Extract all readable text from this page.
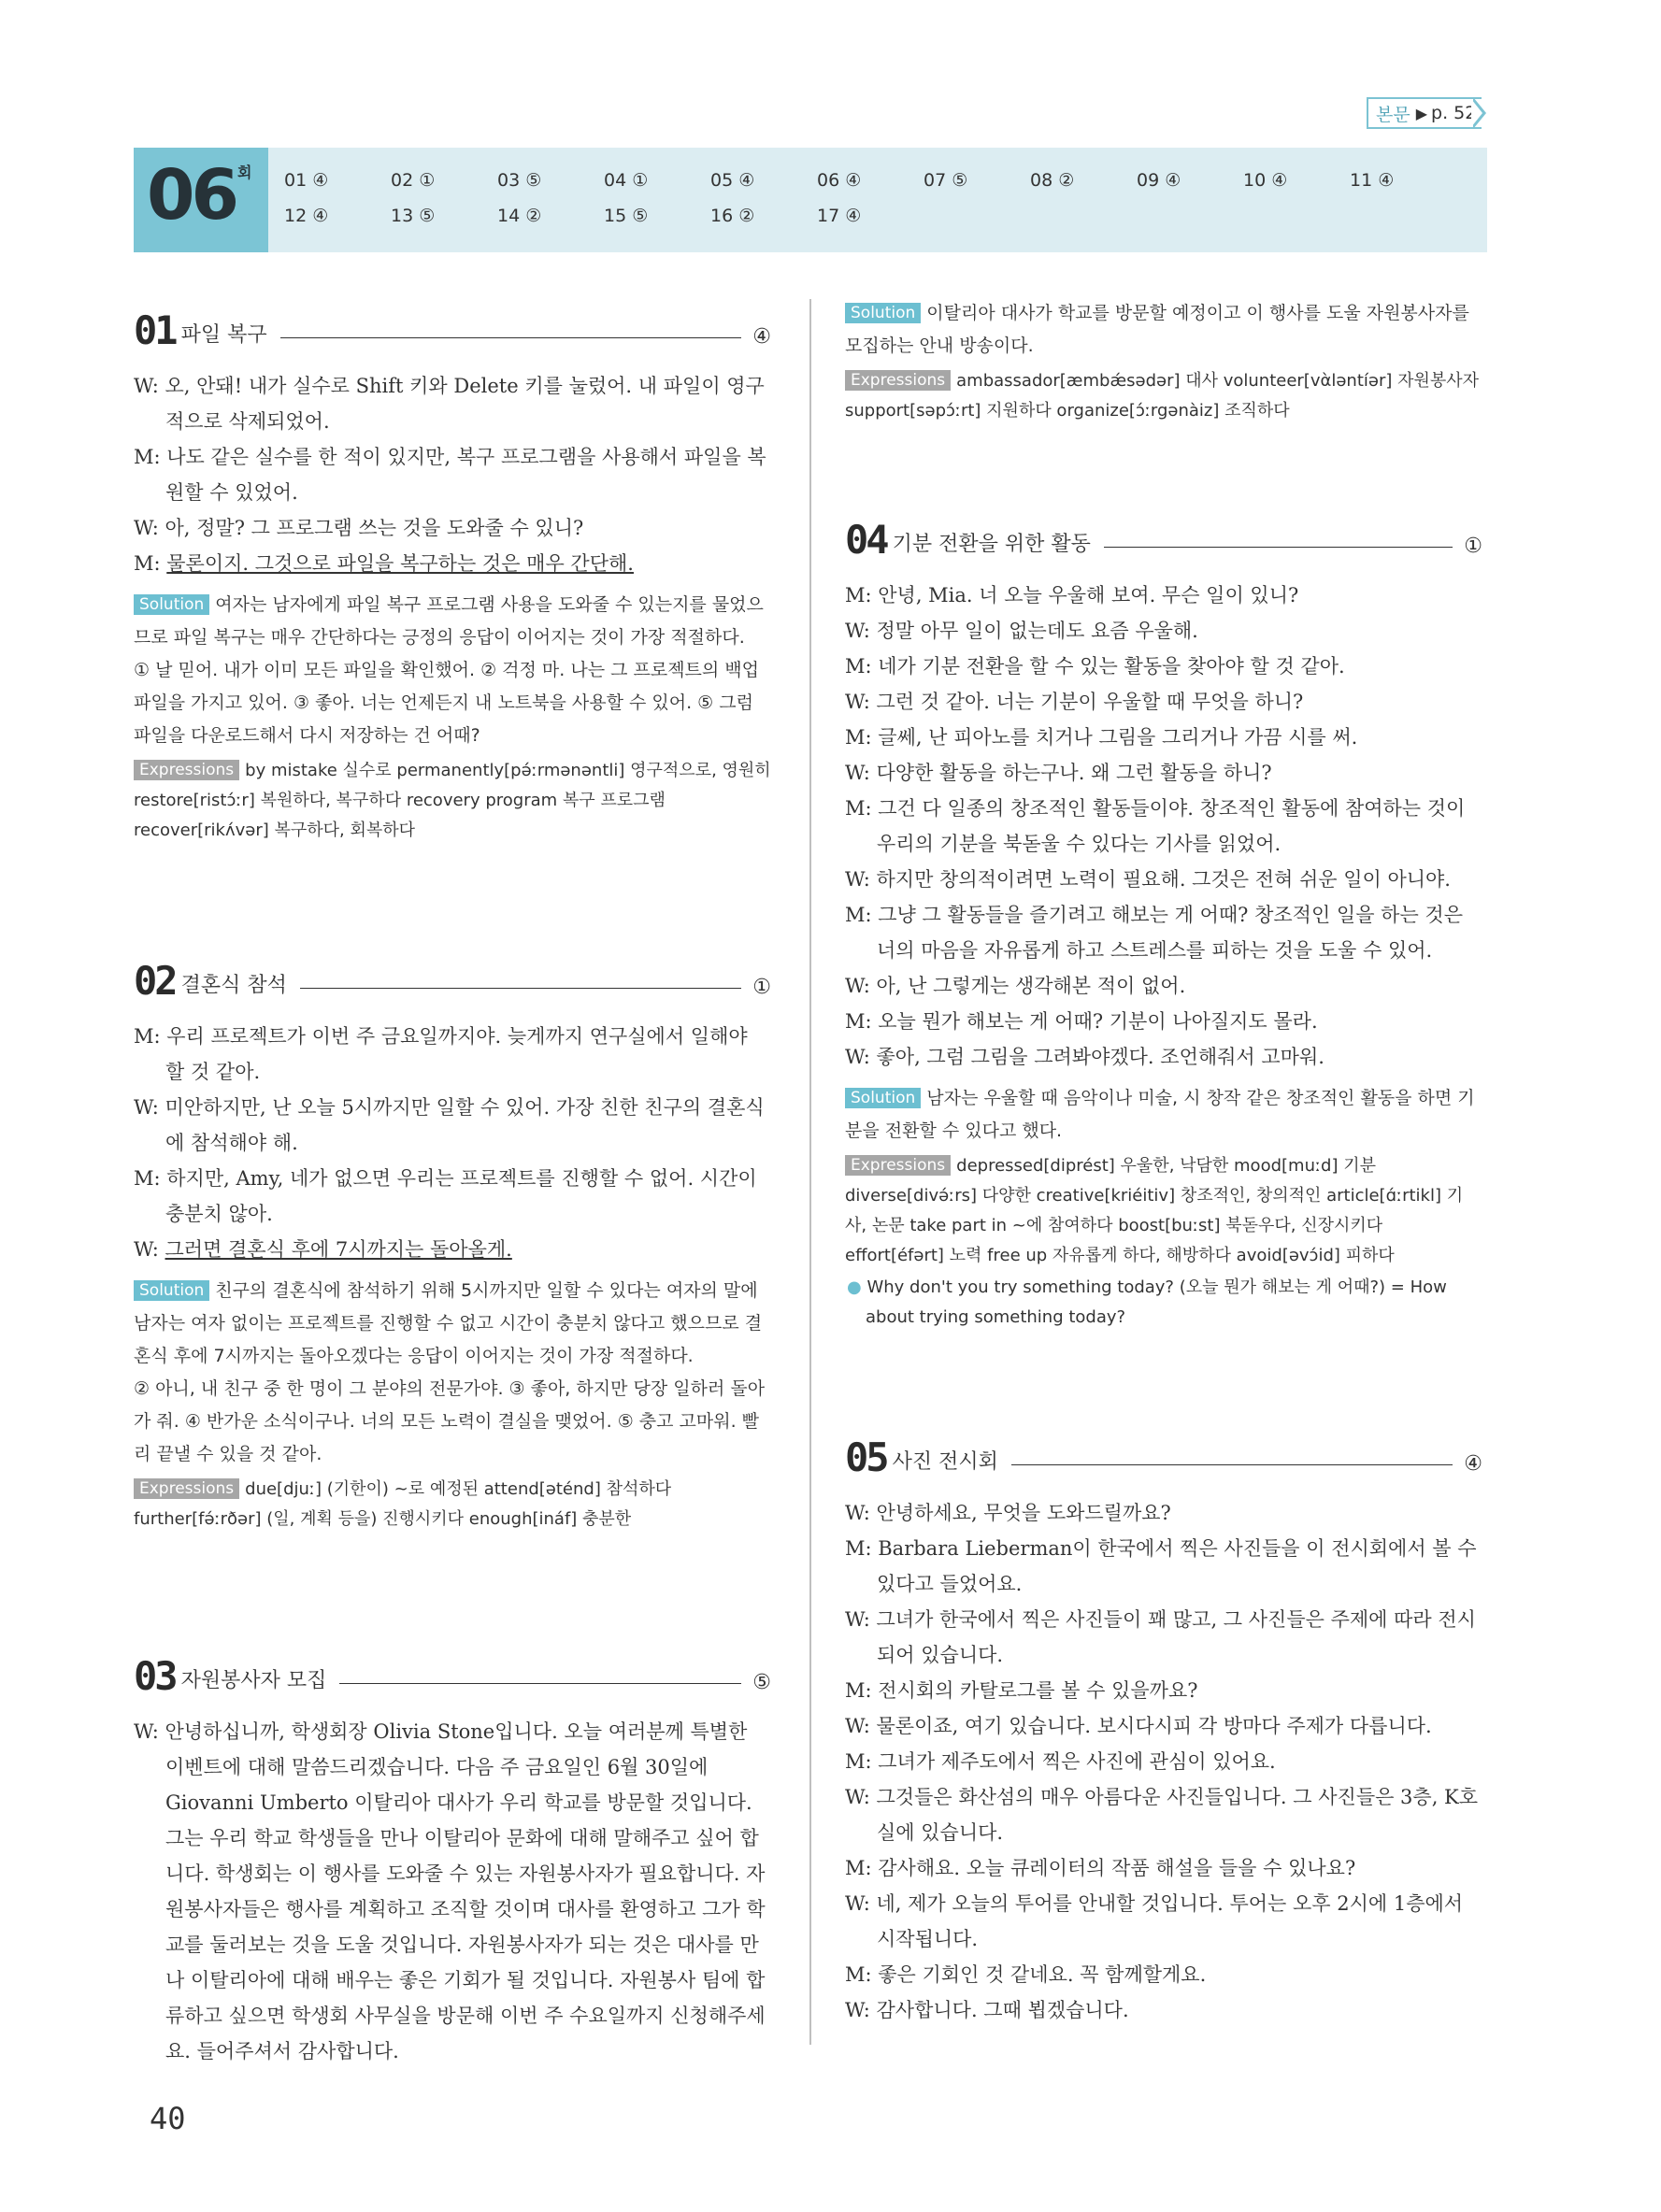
본문 ▶ p. 52
06 회 01 ④	02 ①	03 ⑤	04 ①	05 ④	06 ④	07 ⑤	08 ②	09 ④	10 ④	11 ④
12 ④	13 ⑤	14 ②	15 ⑤	16 ②	17 ④
01 파일 복구	④

W: 오, 안돼! 내가 실수로 Shift 키와 Delete 키를 눌렀어. 내 파일이 영구적으로 삭제되었어.

M: 나도 같은 실수를 한 적이 있지만, 복구 프로그램을 사용해서 파일을 복원할 수 있었어.

W: 아, 정말? 그 프로그램 쓰는 것을 도와줄 수 있니?

M: 물론이지. 그것으로 파일을 복구하는 것은 매우 간단해.

Solution 여자는 남자에게 파일 복구 프로그램 사용을 도와줄 수 있는지를 물었으므로 파일 복구는 매우 간단하다는 긍정의 응답이 이어지는 것이 가장 적절하다.
① 날 믿어. 내가 이미 모든 파일을 확인했어. ② 걱정 마. 나는 그 프로젝트의 백업 파일을 가지고 있어. ③ 좋아. 너는 언제든지 내 노트북을 사용할 수 있어. ⑤ 그럼 파일을 다운로드해서 다시 저장하는 건 어때?
Expressions by mistake 실수로 permanently[pə́ːrmənəntli] 영구적으로, 영원히 restore[ristɔ́ːr] 복원하다, 복구하다 recovery program 복구 프로그램 recover[rikʌ́vər] 복구하다, 회복하다
02 결혼식 참석	①

M: 우리 프로젝트가 이번 주 금요일까지야. 늦게까지 연구실에서 일해야 할 것 같아.

W: 미안하지만, 난 오늘 5시까지만 일할 수 있어. 가장 친한 친구의 결혼식에 참석해야 해.

M: 하지만, Amy, 네가 없으면 우리는 프로젝트를 진행할 수 없어. 시간이 충분치 않아.

W: 그러면 결혼식 후에 7시까지는 돌아올게.

Solution 친구의 결혼식에 참석하기 위해 5시까지만 일할 수 있다는 여자의 말에 남자는 여자 없이는 프로젝트를 진행할 수 없고 시간이 충분치 않다고 했으므로 결혼식 후에 7시까지는 돌아오겠다는 응답이 이어지는 것이 가장 적절하다.
② 아니, 내 친구 중 한 명이 그 분야의 전문가야. ③ 좋아, 하지만 당장 일하러 돌아가 줘. ④ 반가운 소식이구나. 너의 모든 노력이 결실을 맺었어. ⑤ 충고 고마워. 빨리 끝낼 수 있을 것 같아.
Expressions due[djuː] (기한이) ~로 예정된 attend[əténd] 참석하다 further[fə́ːrðər] (일, 계획 등을) 진행시키다 enough[ináf] 충분한
03 자원봉사자 모집	⑤

W: 안녕하십니까, 학생회장 Olivia Stone입니다. 오늘 여러분께 특별한 이벤트에 대해 말씀드리겠습니다. 다음 주 금요일인 6월 30일에 Giovanni Umberto 이탈리아 대사가 우리 학교를 방문할 것입니다. 그는 우리 학교 학생들을 만나 이탈리아 문화에 대해 말해주고 싶어 합니다. 학생회는 이 행사를 도와줄 수 있는 자원봉사자가 필요합니다. 자원봉사자들은 행사를 계획하고 조직할 것이며 대사를 환영하고 그가 학교를 둘러보는 것을 도울 것입니다. 자원봉사자가 되는 것은 대사를 만나 이탈리아에 대해 배우는 좋은 기회가 될 것입니다. 자원봉사 팀에 합류하고 싶으면 학생회 사무실을 방문해 이번 주 수요일까지 신청해주세요. 들어주셔서 감사합니다.

Solution 이탈리아 대사가 학교를 방문할 예정이고 이 행사를 도울 자원봉사자를 모집하는 안내 방송이다.
Expressions ambassador[æmbǽsədər] 대사 volunteer[vὰləntíər] 자원봉사자 support[səpɔ́ːrt] 지원하다 organize[ɔ́ːrgənàiz] 조직하다
04 기분 전환을 위한 활동	①

M: 안녕, Mia. 너 오늘 우울해 보여. 무슨 일이 있니?

W: 정말 아무 일이 없는데도 요즘 우울해.

M: 네가 기분 전환을 할 수 있는 활동을 찾아야 할 것 같아.

W: 그런 것 같아. 너는 기분이 우울할 때 무엇을 하니?

M: 글쎄, 난 피아노를 치거나 그림을 그리거나 가끔 시를 써.

W: 다양한 활동을 하는구나. 왜 그런 활동을 하니?

M: 그건 다 일종의 창조적인 활동들이야. 창조적인 활동에 참여하는 것이 우리의 기분을 북돋울 수 있다는 기사를 읽었어.

W: 하지만 창의적이려면 노력이 필요해. 그것은 전혀 쉬운 일이 아니야.

M: 그냥 그 활동들을 즐기려고 해보는 게 어때? 창조적인 일을 하는 것은 너의 마음을 자유롭게 하고 스트레스를 피하는 것을 도울 수 있어.

W: 아, 난 그렇게는 생각해본 적이 없어.

M: 오늘 뭔가 해보는 게 어때? 기분이 나아질지도 몰라.

W: 좋아, 그럼 그림을 그려봐야겠다. 조언해줘서 고마워.

Solution 남자는 우울할 때 음악이나 미술, 시 창작 같은 창조적인 활동을 하면 기분을 전환할 수 있다고 했다.
Expressions depressed[diprést] 우울한, 낙담한 mood[muːd] 기분 diverse[divə́ːrs] 다양한 creative[kriéitiv] 창조적인, 창의적인 article[ɑ́ːrtikl] 기사, 논문 take part in ~에 참여하다 boost[buːst] 북돋우다, 신장시키다 effort[éfərt] 노력 free up 자유롭게 하다, 해방하다 avoid[əvɔ́id] 피하다
● Why don't you try something today? (오늘 뭔가 해보는 게 어때?) = How about trying something today?
05 사진 전시회	④

W: 안녕하세요, 무엇을 도와드릴까요?

M: Barbara Lieberman이 한국에서 찍은 사진들을 이 전시회에서 볼 수 있다고 들었어요.

W: 그녀가 한국에서 찍은 사진들이 꽤 많고, 그 사진들은 주제에 따라 전시되어 있습니다.

M: 전시회의 카탈로그를 볼 수 있을까요?

W: 물론이죠, 여기 있습니다. 보시다시피 각 방마다 주제가 다릅니다.

M: 그녀가 제주도에서 찍은 사진에 관심이 있어요.

W: 그것들은 화산섬의 매우 아름다운 사진들입니다. 그 사진들은 3층, K호실에 있습니다.

M: 감사해요. 오늘 큐레이터의 작품 해설을 들을 수 있나요?

W: 네, 제가 오늘의 투어를 안내할 것입니다. 투어는 오후 2시에 1층에서 시작됩니다.

M: 좋은 기회인 것 같네요. 꼭 함께할게요.

W: 감사합니다. 그때 뵙겠습니다.

40
